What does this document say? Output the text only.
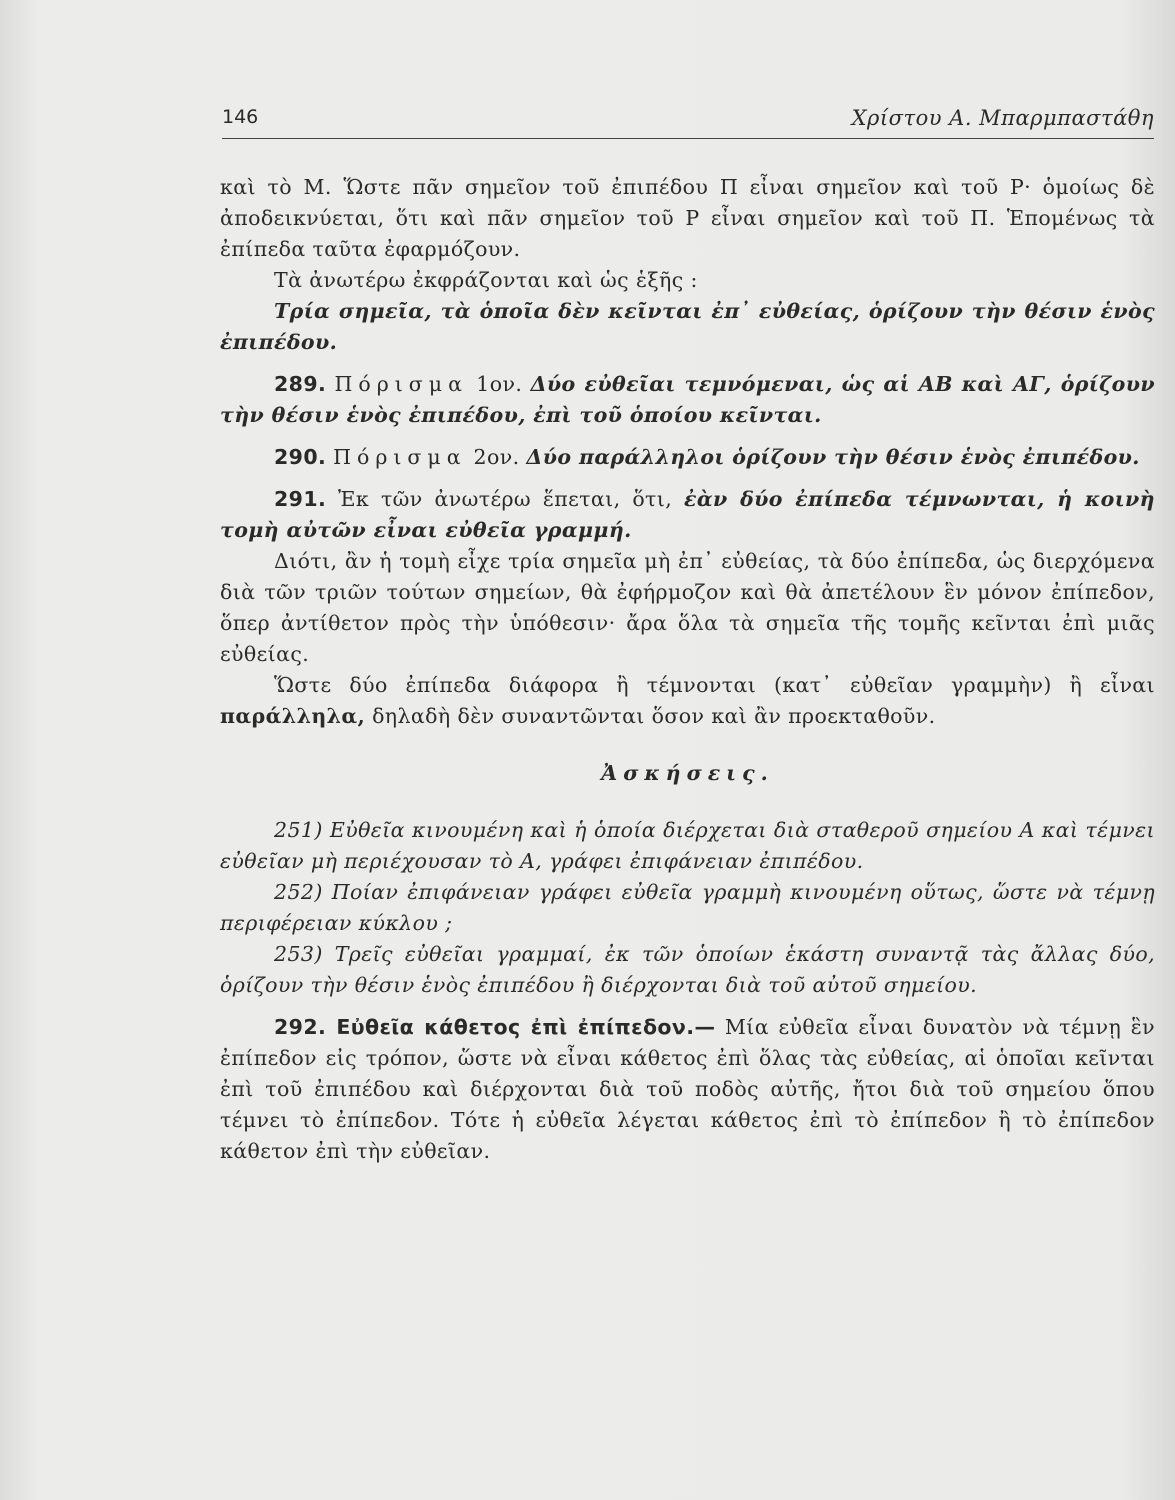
146	Χρίστου Α. Μπαρμπαστάθη

καὶ τὸ Μ. Ὥστε πᾶν σημεῖον τοῦ ἐπιπέδου Π εἶναι σημεῖον καὶ τοῦ Ρ· ὁμοίως δὲ ἀποδεικνύεται, ὅτι καὶ πᾶν σημεῖον τοῦ Ρ εἶναι σημεῖον καὶ τοῦ Π. Ἑπομένως τὰ ἐπίπεδα ταῦτα ἐφαρμόζουν.

Τὰ ἀνωτέρω ἐκφράζονται καὶ ὡς ἑξῆς :

Τρία σημεῖα, τὰ ὁποῖα δὲν κεῖνται ἐπ᾽ εὐθείας, ὁρίζουν τὴν θέσιν ἑνὸς ἐπιπέδου.

289. Πόρισμα 1ον. Δύο εὐθεῖαι τεμνόμεναι, ὡς αἱ ΑΒ καὶ ΑΓ, ὁρίζουν τὴν θέσιν ἑνὸς ἐπιπέδου, ἐπὶ τοῦ ὁποίου κεῖνται.

290. Πόρισμα 2ον. Δύο παράλληλοι ὁρίζουν τὴν θέσιν ἑνὸς ἐπιπέδου.

291. Ἐκ τῶν ἀνωτέρω ἕπεται, ὅτι, ἐὰν δύο ἐπίπεδα τέμνωνται, ἡ κοινὴ τομὴ αὐτῶν εἶναι εὐθεῖα γραμμή.

Διότι, ἂν ἡ τομὴ εἶχε τρία σημεῖα μὴ ἐπ᾽ εὐθείας, τὰ δύο ἐπίπεδα, ὡς διερχόμενα διὰ τῶν τριῶν τούτων σημείων, θὰ ἐφήρμοζον καὶ θὰ ἀπετέλουν ἓν μόνον ἐπίπεδον, ὅπερ ἀντίθετον πρὸς τὴν ὑπόθεσιν· ἄρα ὅλα τὰ σημεῖα τῆς τομῆς κεῖνται ἐπὶ μιᾶς εὐθείας.

Ὥστε δύο ἐπίπεδα διάφορα ἢ τέμνονται (κατ᾽ εὐθεῖαν γραμμὴν) ἢ εἶναι παράλληλα, δηλαδὴ δὲν συναντῶνται ὅσον καὶ ἂν προεκταθοῦν.

Ἀσκήσεις.

251) Εὐθεῖα κινουμένη καὶ ἡ ὁποία διέρχεται διὰ σταθεροῦ σημείου Α καὶ τέμνει εὐθεῖαν μὴ περιέχουσαν τὸ Α, γράφει ἐπιφάνειαν ἐπιπέδου.

252) Ποίαν ἐπιφάνειαν γράφει εὐθεῖα γραμμὴ κινουμένη οὕτως, ὥστε νὰ τέμνῃ περιφέρειαν κύκλου ;

253) Τρεῖς εὐθεῖαι γραμμαί, ἐκ τῶν ὁποίων ἑκάστη συναντᾷ τὰς ἄλλας δύο, ὁρίζουν τὴν θέσιν ἑνὸς ἐπιπέδου ἢ διέρχονται διὰ τοῦ αὐτοῦ σημείου.

292. Εὐθεῖα κάθετος ἐπὶ ἐπίπεδον.— Μία εὐθεῖα εἶναι δυνατὸν νὰ τέμνῃ ἓν ἐπίπεδον εἰς τρόπον, ὥστε νὰ εἶναι κάθετος ἐπὶ ὅλας τὰς εὐθείας, αἱ ὁποῖαι κεῖνται ἐπὶ τοῦ ἐπιπέδου καὶ διέρχονται διὰ τοῦ ποδὸς αὐτῆς, ἤτοι διὰ τοῦ σημείου ὅπου τέμνει τὸ ἐπίπεδον. Τότε ἡ εὐθεῖα λέγεται κάθετος ἐπὶ τὸ ἐπίπεδον ἢ τὸ ἐπίπεδον κάθετον ἐπὶ τὴν εὐθεῖαν.
